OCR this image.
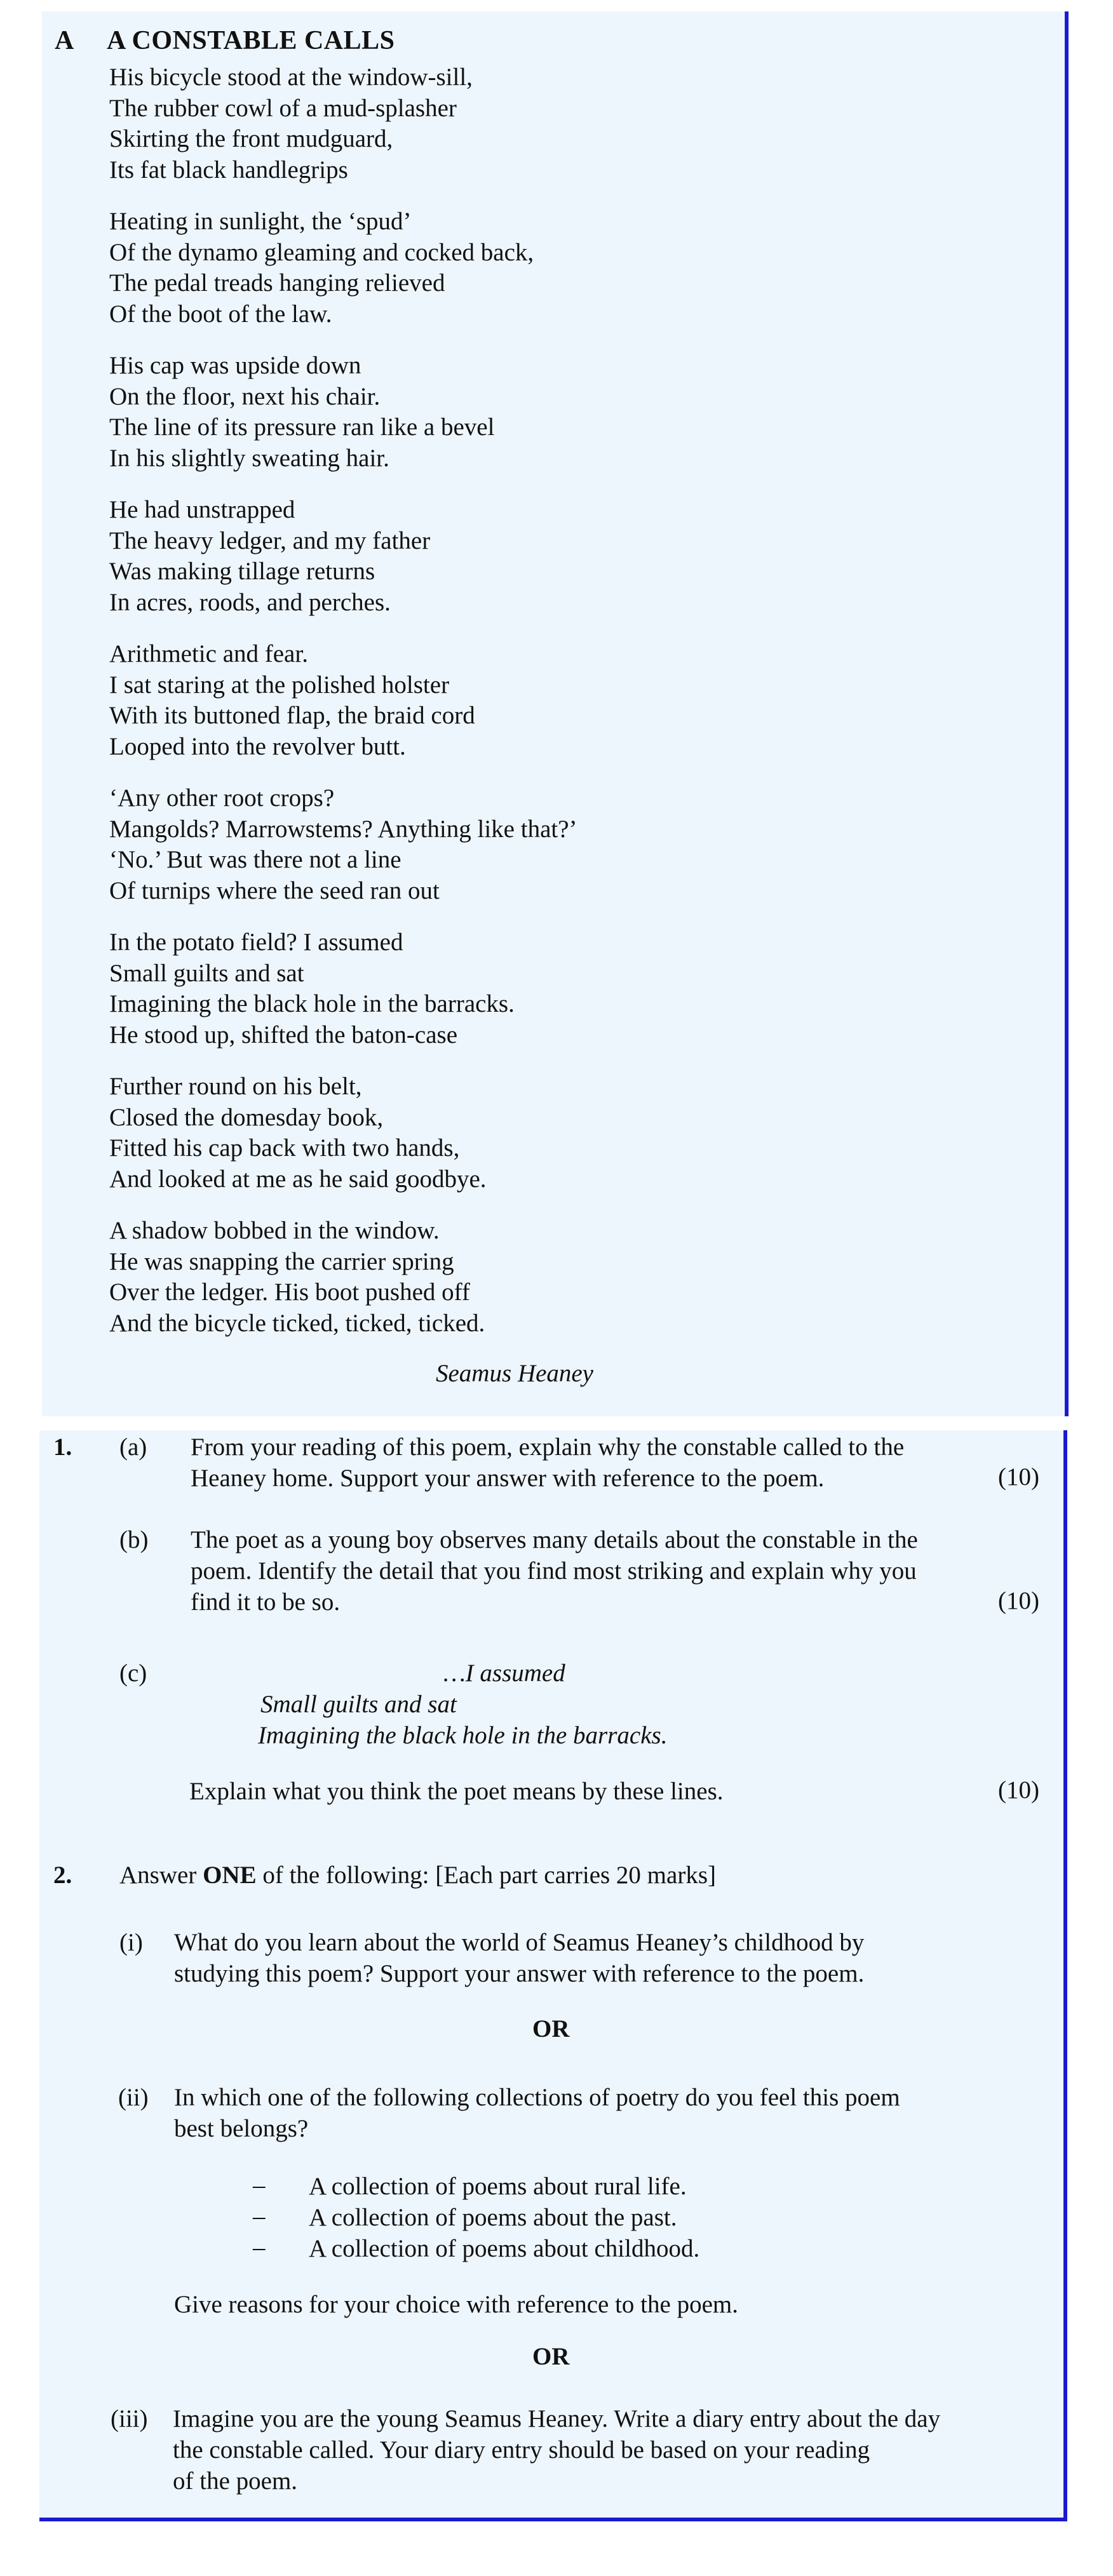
A A CONSTABLE CALLS

His bicycle stood at the window-sill,
The rubber cowl of a mud-splasher
Skirting the front mudguard,
Its fat black handlegrips

Heating in sunlight, the ‘spud’
Of the dynamo gleaming and cocked back,
The pedal treads hanging relieved
Of the boot of the law.

His cap was upside down
On the floor, next his chair.
The line of its pressure ran like a bevel
In his slightly sweating hair.

He had unstrapped
The heavy ledger, and my father
Was making tillage returns
In acres, roods, and perches.

Arithmetic and fear.
I sat staring at the polished holster
With its buttoned flap, the braid cord
Looped into the revolver butt.

‘Any other root crops?
Mangolds? Marrowstems? Anything like that?’
‘No.’ But was there not a line
Of turnips where the seed ran out

In the potato field? I assumed
Small guilts and sat
Imagining the black hole in the barracks.
He stood up, shifted the baton-case

Further round on his belt,
Closed the domesday book,
Fitted his cap back with two hands,
And looked at me as he said goodbye.

A shadow bobbed in the window.
He was snapping the carrier spring
Over the ledger. His boot pushed off
And the bicycle ticked, ticked, ticked.

Seamus Heaney
1. (a) From your reading of this poem, explain why the constable called to the
Heaney home. Support your answer with reference to the poem.	(10)
(b) The poet as a young boy observes many details about the constable in the
poem. Identify the detail that you find most striking and explain why you
find it to be so.	(10)
(c)	…I assumed
Small guilts and sat
Imagining the black hole in the barracks.
Explain what you think the poet means by these lines.	(10)
2. Answer ONE of the following: [Each part carries 20 marks]
(i) What do you learn about the world of Seamus Heaney’s childhood by
studying this poem? Support your answer with reference to the poem.
OR
(ii) In which one of the following collections of poetry do you feel this poem
best belongs?
– A collection of poems about rural life.
– A collection of poems about the past.
– A collection of poems about childhood.
Give reasons for your choice with reference to the poem.
OR
(iii) Imagine you are the young Seamus Heaney. Write a diary entry about the day
the constable called. Your diary entry should be based on your reading
of the poem.
